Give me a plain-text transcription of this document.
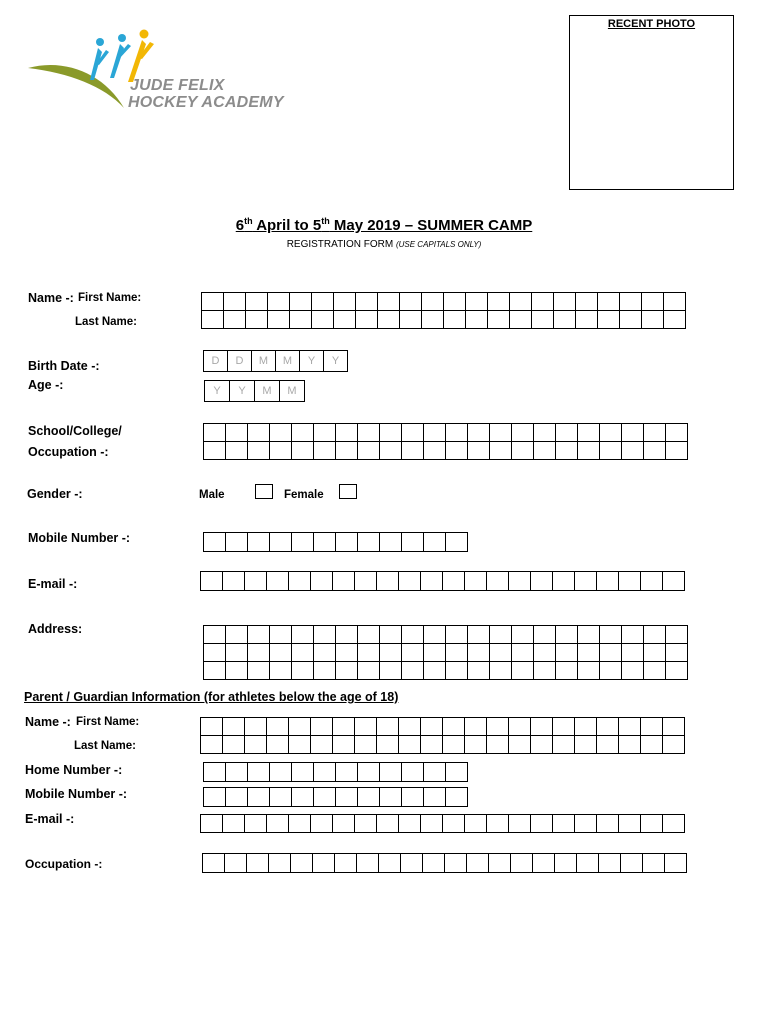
JUDE FELIX
HOCKEY ACADEMY
RECENT PHOTO
6th April to 5th May 2019 – SUMMER CAMP
REGISTRATION FORM (USE CAPITALS ONLY)
Name -: First Name:
Last Name:
Birth Date -:	D	D	M	M	Y	Y
Age -:	Y	Y	M	M
School/College/
Occupation -:
Gender -:	Male	Female
Mobile Number -:
E-mail -:
Address:
Parent / Guardian Information (for athletes below the age of 18)
Name -: First Name:
Last Name:
Home Number -:
Mobile Number -:
E-mail -:
Occupation -:
